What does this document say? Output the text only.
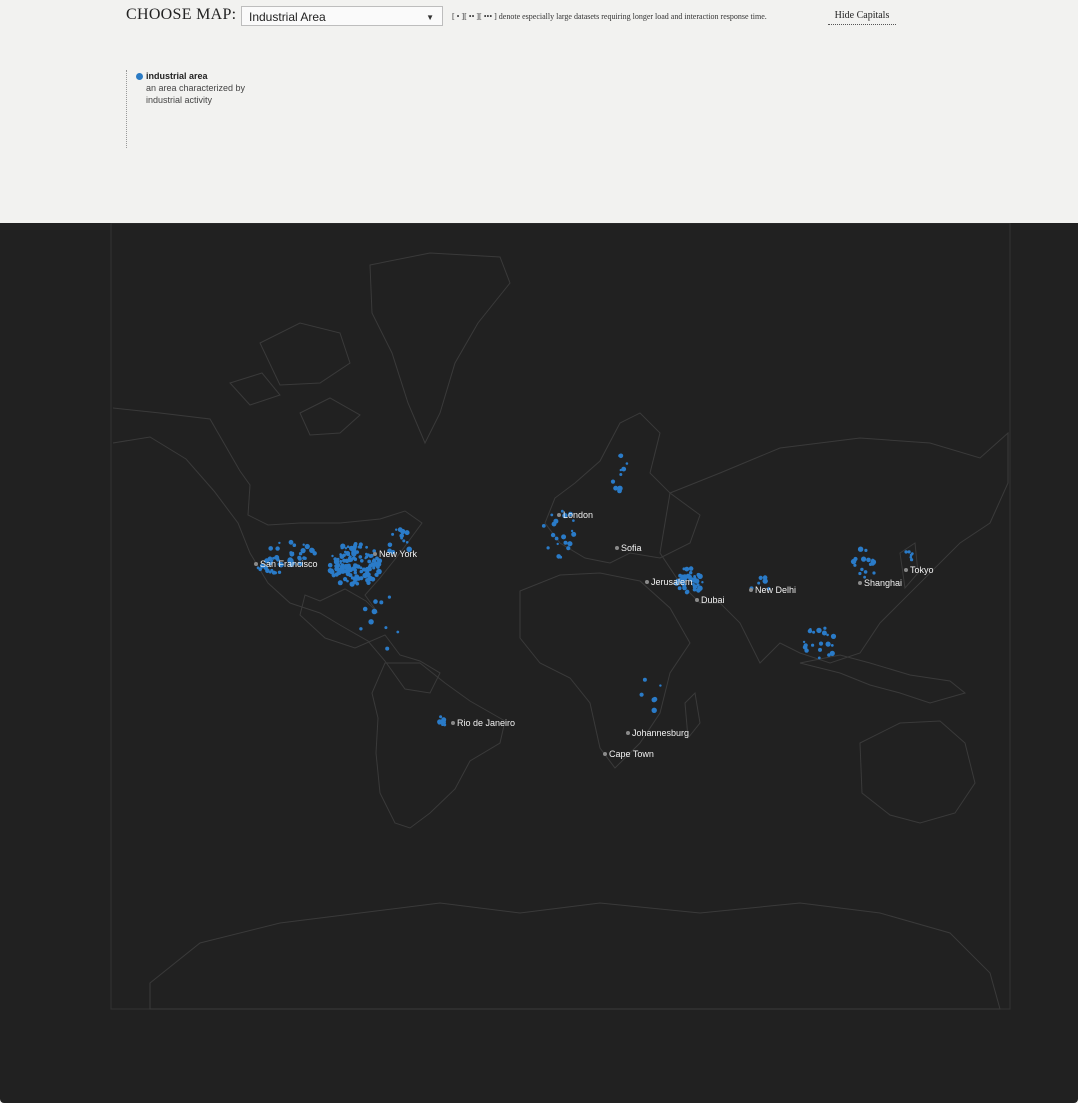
CHOOSE MAP: Industrial Area	▼ [ • ][ •• ][ ••• ] denote especially large datasets requiring longer load and interaction response time.	Hide Capitals
industrial area
an area characterized by industrial activity
San Francisco
New York
London
Sofia
Jerusalem
Dubai
New Delhi
Shanghai
Tokyo
Rio de Janeiro
Johannesburg
Cape Town
